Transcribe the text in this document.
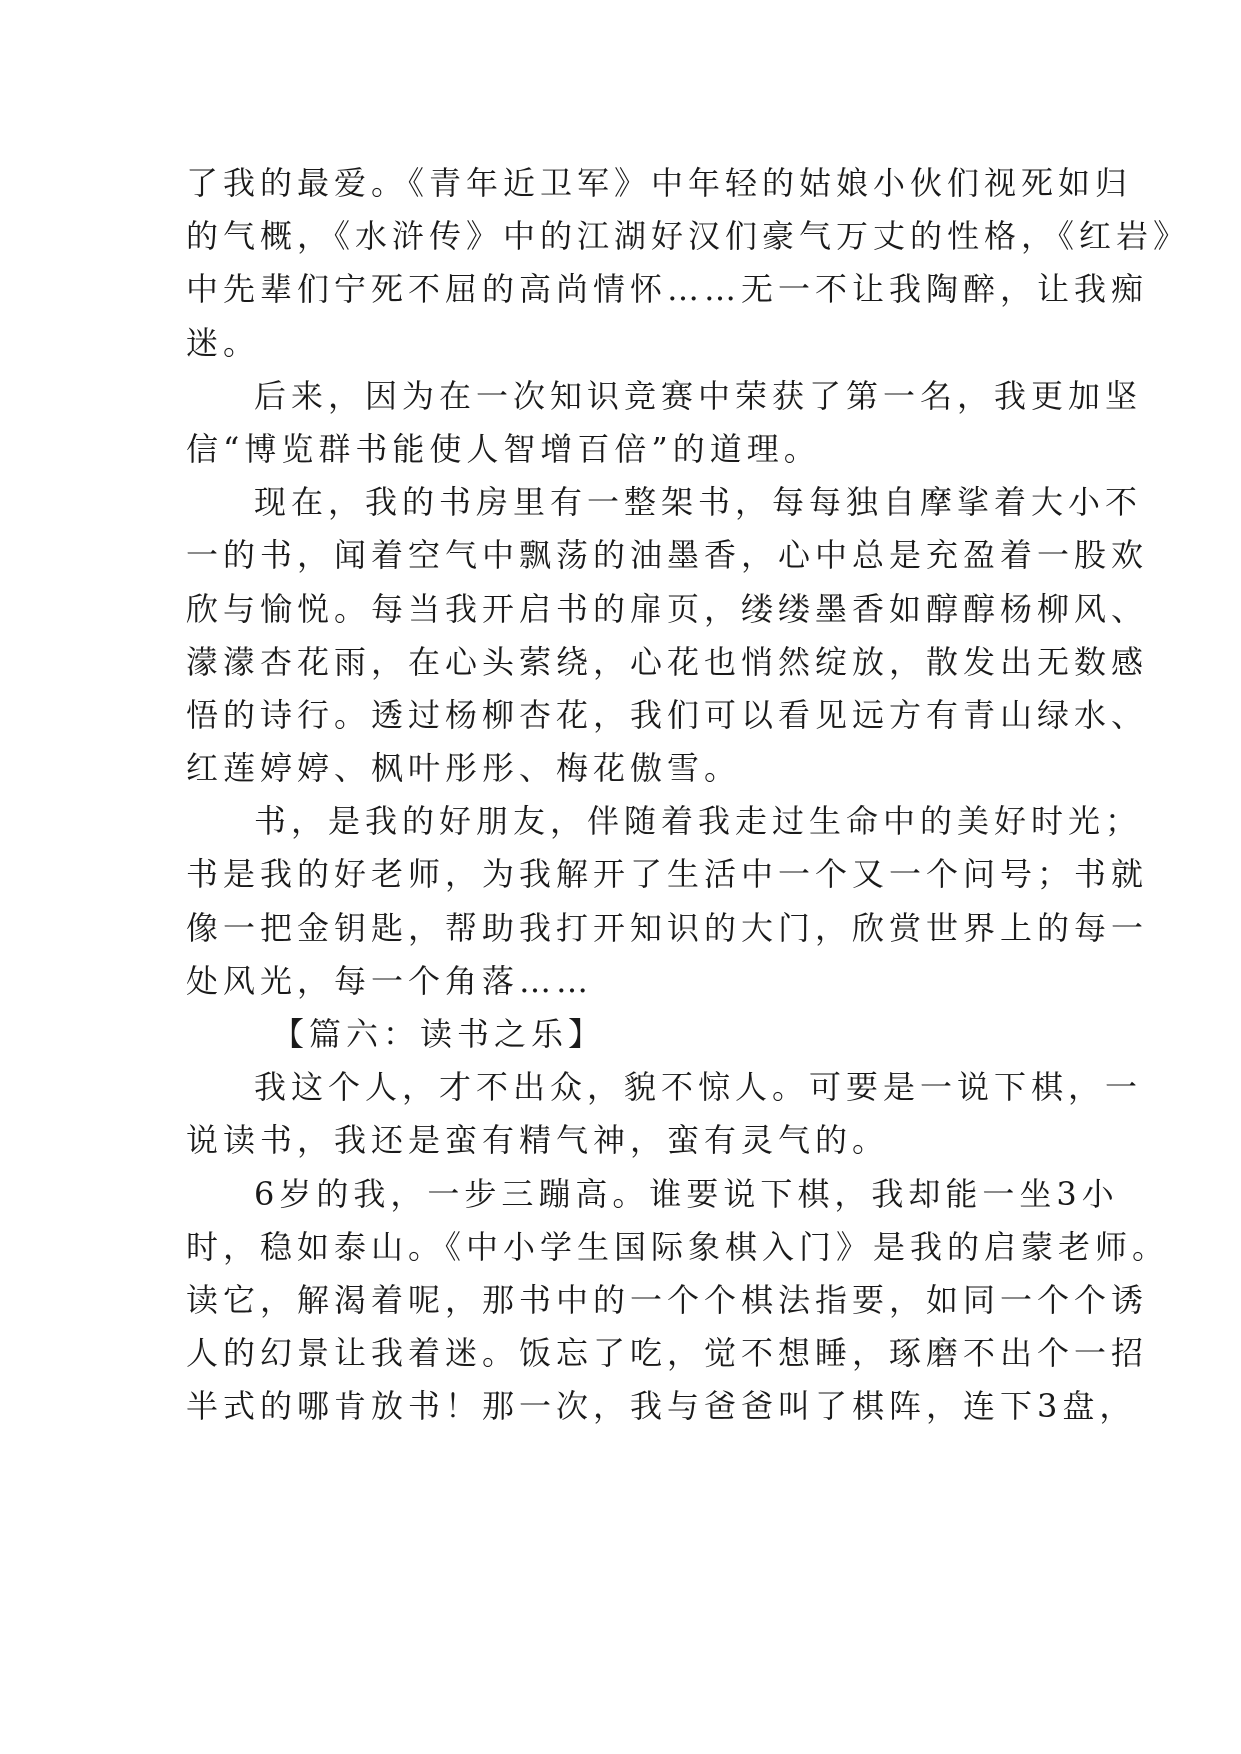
了我的最爱。《青年近卫军》中年轻的姑娘小伙们视死如归
的气概，《水浒传》中的江湖好汉们豪气万丈的性格，《红岩》
中先辈们宁死不屈的高尚情怀……无一不让我陶醉，让我痴
迷。
后来，因为在一次知识竞赛中荣获了第一名，我更加坚
信“博览群书能使人智增百倍”的道理。
现在，我的书房里有一整架书，每每独自摩挲着大小不
一的书，闻着空气中飘荡的油墨香，心中总是充盈着一股欢
欣与愉悦。每当我开启书的扉页，缕缕墨香如醇醇杨柳风、
濛濛杏花雨，在心头萦绕，心花也悄然绽放，散发出无数感
悟的诗行。透过杨柳杏花，我们可以看见远方有青山绿水、
红莲婷婷、枫叶彤彤、梅花傲雪。
书，是我的好朋友，伴随着我走过生命中的美好时光；
书是我的好老师，为我解开了生活中一个又一个问号；书就
像一把金钥匙，帮助我打开知识的大门，欣赏世界上的每一
处风光，每一个角落……
【篇六：读书之乐】
我这个人，才不出众，貌不惊人。可要是一说下棋，一
说读书，我还是蛮有精气神，蛮有灵气的。
6岁的我，一步三蹦高。谁要说下棋，我却能一坐3小
时，稳如泰山。《中小学生国际象棋入门》是我的启蒙老师。
读它，解渴着呢，那书中的一个个棋法指要，如同一个个诱
人的幻景让我着迷。饭忘了吃，觉不想睡，琢磨不出个一招
半式的哪肯放书！那一次，我与爸爸叫了棋阵，连下3盘，
